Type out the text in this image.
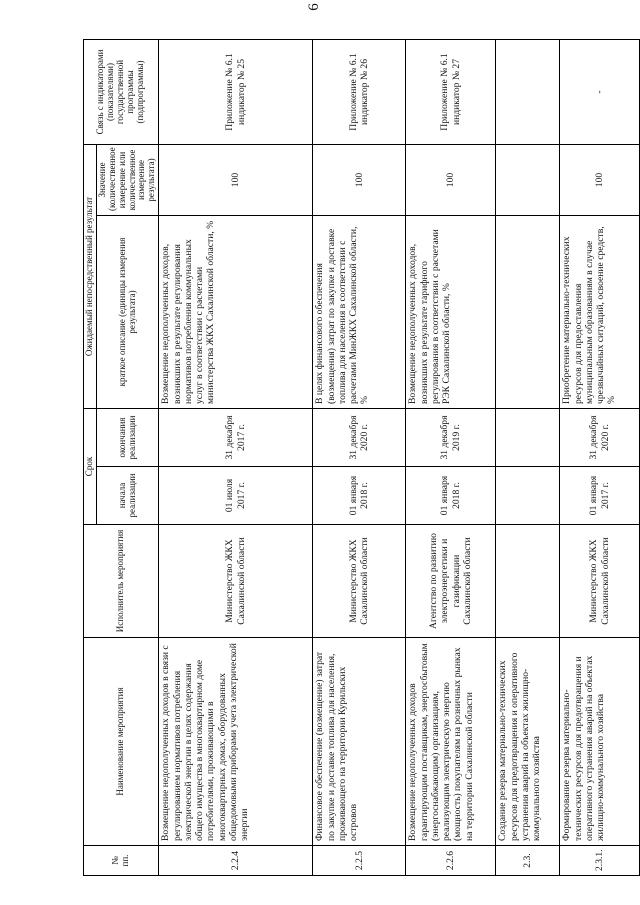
6
№ пп.	Наименование мероприятия	Исполнитель мероприятия	Срок		Ожидаемый непосредственный результат		Связь с индикаторами (показателями) государственной программы (подпрограммы)
			начала реализации	окончания реализации	краткое описание (единицы измерения результата)	Значение (количественное измерение или количественное измерение результата)	
2.2.4	Возмещение недополученных доходов в связи с регулированием нормативов потребления электрической энергии в целях содержания общего имущества в многоквартирном доме потребителями, проживающими в многоквартирных домах, оборудованных общедомовыми приборами учета электрической энергии	Министерство ЖКХ Сахалинской области	01 июля 2017 г.	31 декабря 2017 г.	Возмещение недополученных доходов, возникших в результате регулирования нормативов потребления коммунальных услуг в соответствии с расчетами министерства ЖКХ Сахалинской области, %	100	Приложение № 6.1 индикатор № 25
2.2.5	Финансовое обеспечение (возмещение) затрат по закупке и доставке топлива для населения, проживающего на территории Курильских островов	Министерство ЖКХ Сахалинской области	01 января 2018 г.	31 декабря 2020 г.	В целях финансового обеспечения (возмещения) затрат по закупке и доставке топлива для населения в соответствии с расчетами МинЖКХ Сахалинской области, %	100	Приложение № 6.1 индикатор № 26
2.2.6	Возмещение недополученных доходов гарантирующим поставщикам, энергосбытовым (энергоснабжающим) организациям, реализующим электрическую энергию (мощность) покупателям на розничных рынках на территории Сахалинской области	Агентство по развитию электроэнергетики и газификации Сахалинской области	01 января 2018 г.	31 декабря 2019 г.	Возмещение недополученных доходов, возникших в результате тарифного регулирования в соответствии с расчетами РЭК Сахалинской области, %	100	Приложение № 6.1 индикатор № 27
2.3.	Создание резерва материально-технических ресурсов для предотвращения и оперативного устранения аварий на объектах жилищно-коммунального хозяйства						
2.3.1.	Формирование резерва материально-технических ресурсов для предотвращения и оперативного устранения аварий на объектах жилищно-коммунального хозяйства	Министерство ЖКХ Сахалинской области	01 января 2017 г.	31 декабря 2020 г.	Приобретение материально-технических ресурсов для предоставления муниципальным образованиям в случае чрезвычайных ситуаций, освоение средств, %	100	-
